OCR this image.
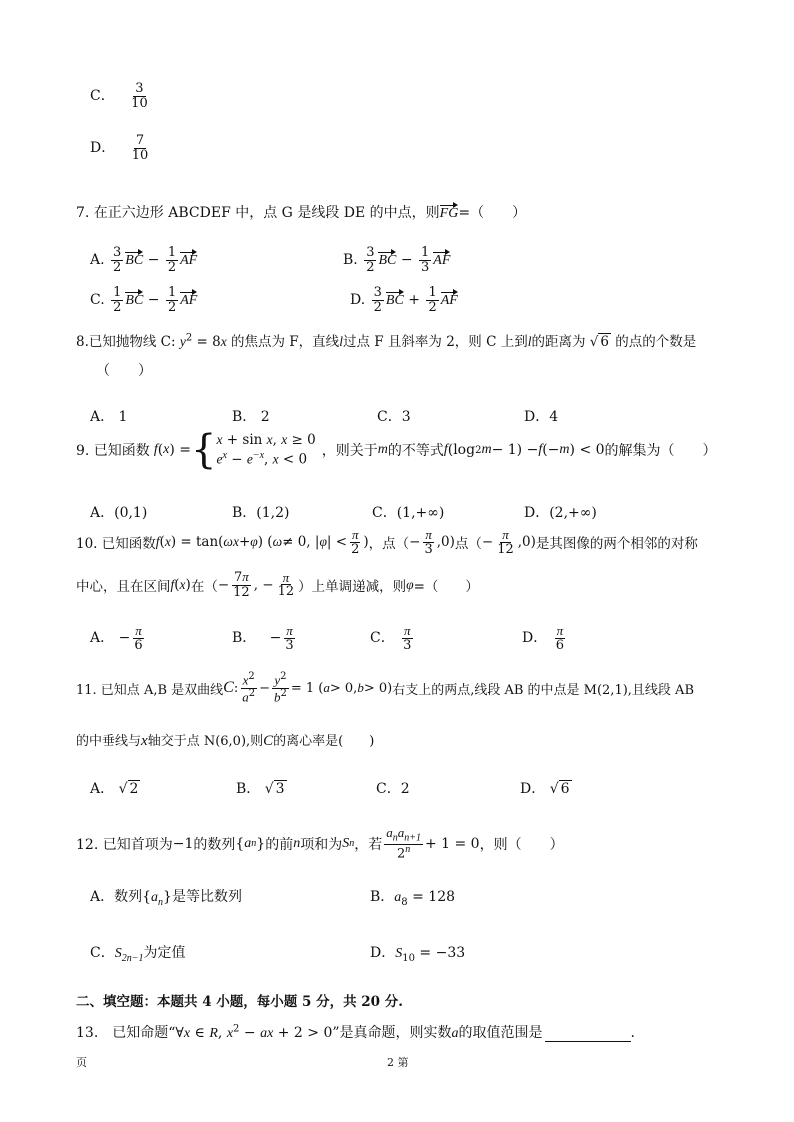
C． $\frac{3}{10}$
D． $\frac{7}{10}$
7. 在正六边形 ABCDEF 中，点 G 是线段 DE 的中点，则FG=（　　）
A. $\frac{3}{2}$ BC − $\frac{1}{2}$ AF	B. $\frac{3}{2}$ BC − $\frac{1}{3}$ AF
C. $\frac{1}{2}$ BC − $\frac{1}{2}$ AF	D. $\frac{3}{2}$ BC + $\frac{1}{2}$ AF
8.已知抛物线 C: $y^2 = 8x$ 的焦点为 F，直线l过点 F 且斜率为 2，则 C 上到l的距离为 √ 6 的点的个数是
（　　）
A． 1	B． 2	C．3	D．4
9. 已知函数 f ( x ) = { x + sin x, x ≥ 0
$e^x - e^{-x}$, x < 0
，则关于 m 的不等式 f (log 2 m − 1) − f (− m ) < 0 的解集为（　　）
A．(0,1)	B．(1,2)	C．(1,+∞)	D．(2,+∞)
10. 已知函数 f ( x ) = tan( ωx + φ ) ( ω ≠ 0, | φ | < $\frac{\pi}{2}$ ) ，点（ − $\frac{\pi}{3} ,0$) 点（ − $\frac{\pi}{12} ,0$) 是其图像的两个相邻的对称
中心，且在区间 f ( x ) 在（ − $\frac{7\pi}{12}$ , − $\frac{\pi}{12}$ ）上单调递减，则 φ =（　　）
A． − $\frac{\pi}{6}$	B．   − $\frac{\pi}{3}$	C． $\frac{\pi}{3}$	D． $\frac{\pi}{6}$
11. 已知点 A,B 是双曲线 C : $\frac{x^2}{a^2} - \frac{y^2}{b^2} = 1$ ( a > 0, b > 0) 右支上的两点,线段 AB 的中点是 M(2,1),且线段 AB
的中垂线与x轴交于点 N(6,0),则C的离心率是(　　)
A． √ 2	B． √ 3	C．2	D． √ 6
12. 已知首项为 −1 的数列 { a n } 的前 n 项和为 S n ，若 $\frac{a_na_{n+1}}{2^n} + 1 = 0$ ，则（　　）
A．数列$\{a_n\}$是等比数列	B．$a_8 = 128$
C．$S_{2n-1}$为定值	D．$S_{10} = -33$
二、填空题：本题共 4 小题，每小题 5 分，共 20 分.
13.　已知命题“∀x ∈ R, $x^2$ − ax + 2 > 0”是真命题，则实数a的取值范围是	.
页	2 第
